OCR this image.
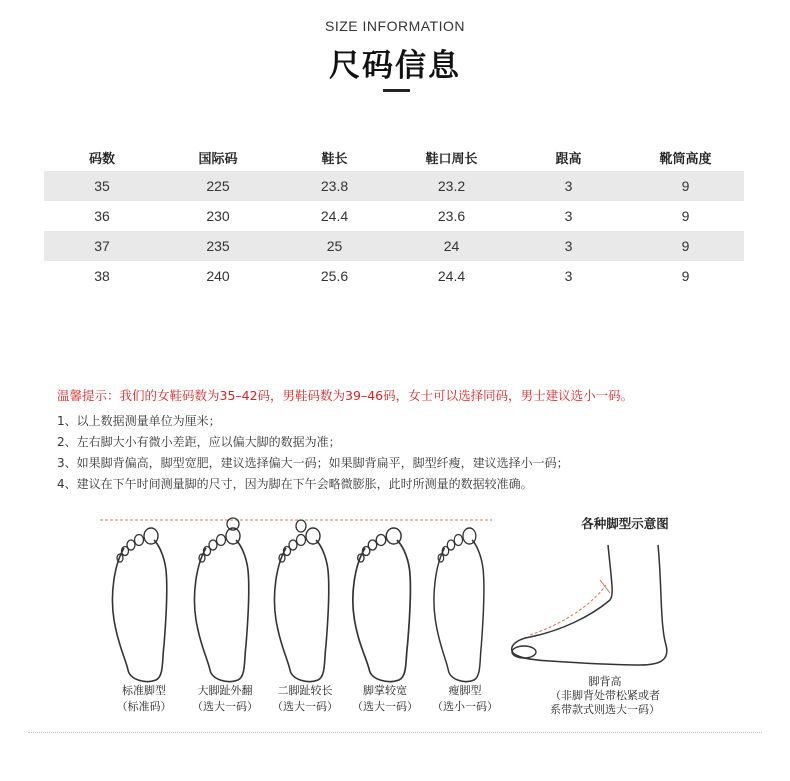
SIZE INFORMATION
尺码信息
码数	国际码	鞋长	鞋口周长	跟高	靴筒高度
35	225	23.8	23.2	3	9
36	230	24.4	23.6	3	9
37	235	25	24	3	9
38	240	25.6	24.4	3	9
温馨提示：我们的女鞋码数为35–42码，男鞋码数为39–46码，女士可以选择同码，男士建议选小一码。
1、以上数据测量单位为厘米；
2、左右脚大小有微小差距，应以偏大脚的数据为准；
3、如果脚背偏高，脚型宽肥，建议选择偏大一码；如果脚背扁平，脚型纤瘦，建议选择小一码；
4、建议在下午时间测量脚的尺寸，因为脚在下午会略微膨胀，此时所测量的数据较准确。
标准脚型
（标准码）
大脚趾外翻
（选大一码）
二脚趾较长
（选大一码）
脚掌较宽
（选大一码）
瘦脚型
（选小一码）
各种脚型示意图
脚背高
（非脚背处带松紧或者
系带款式则选大一码）
